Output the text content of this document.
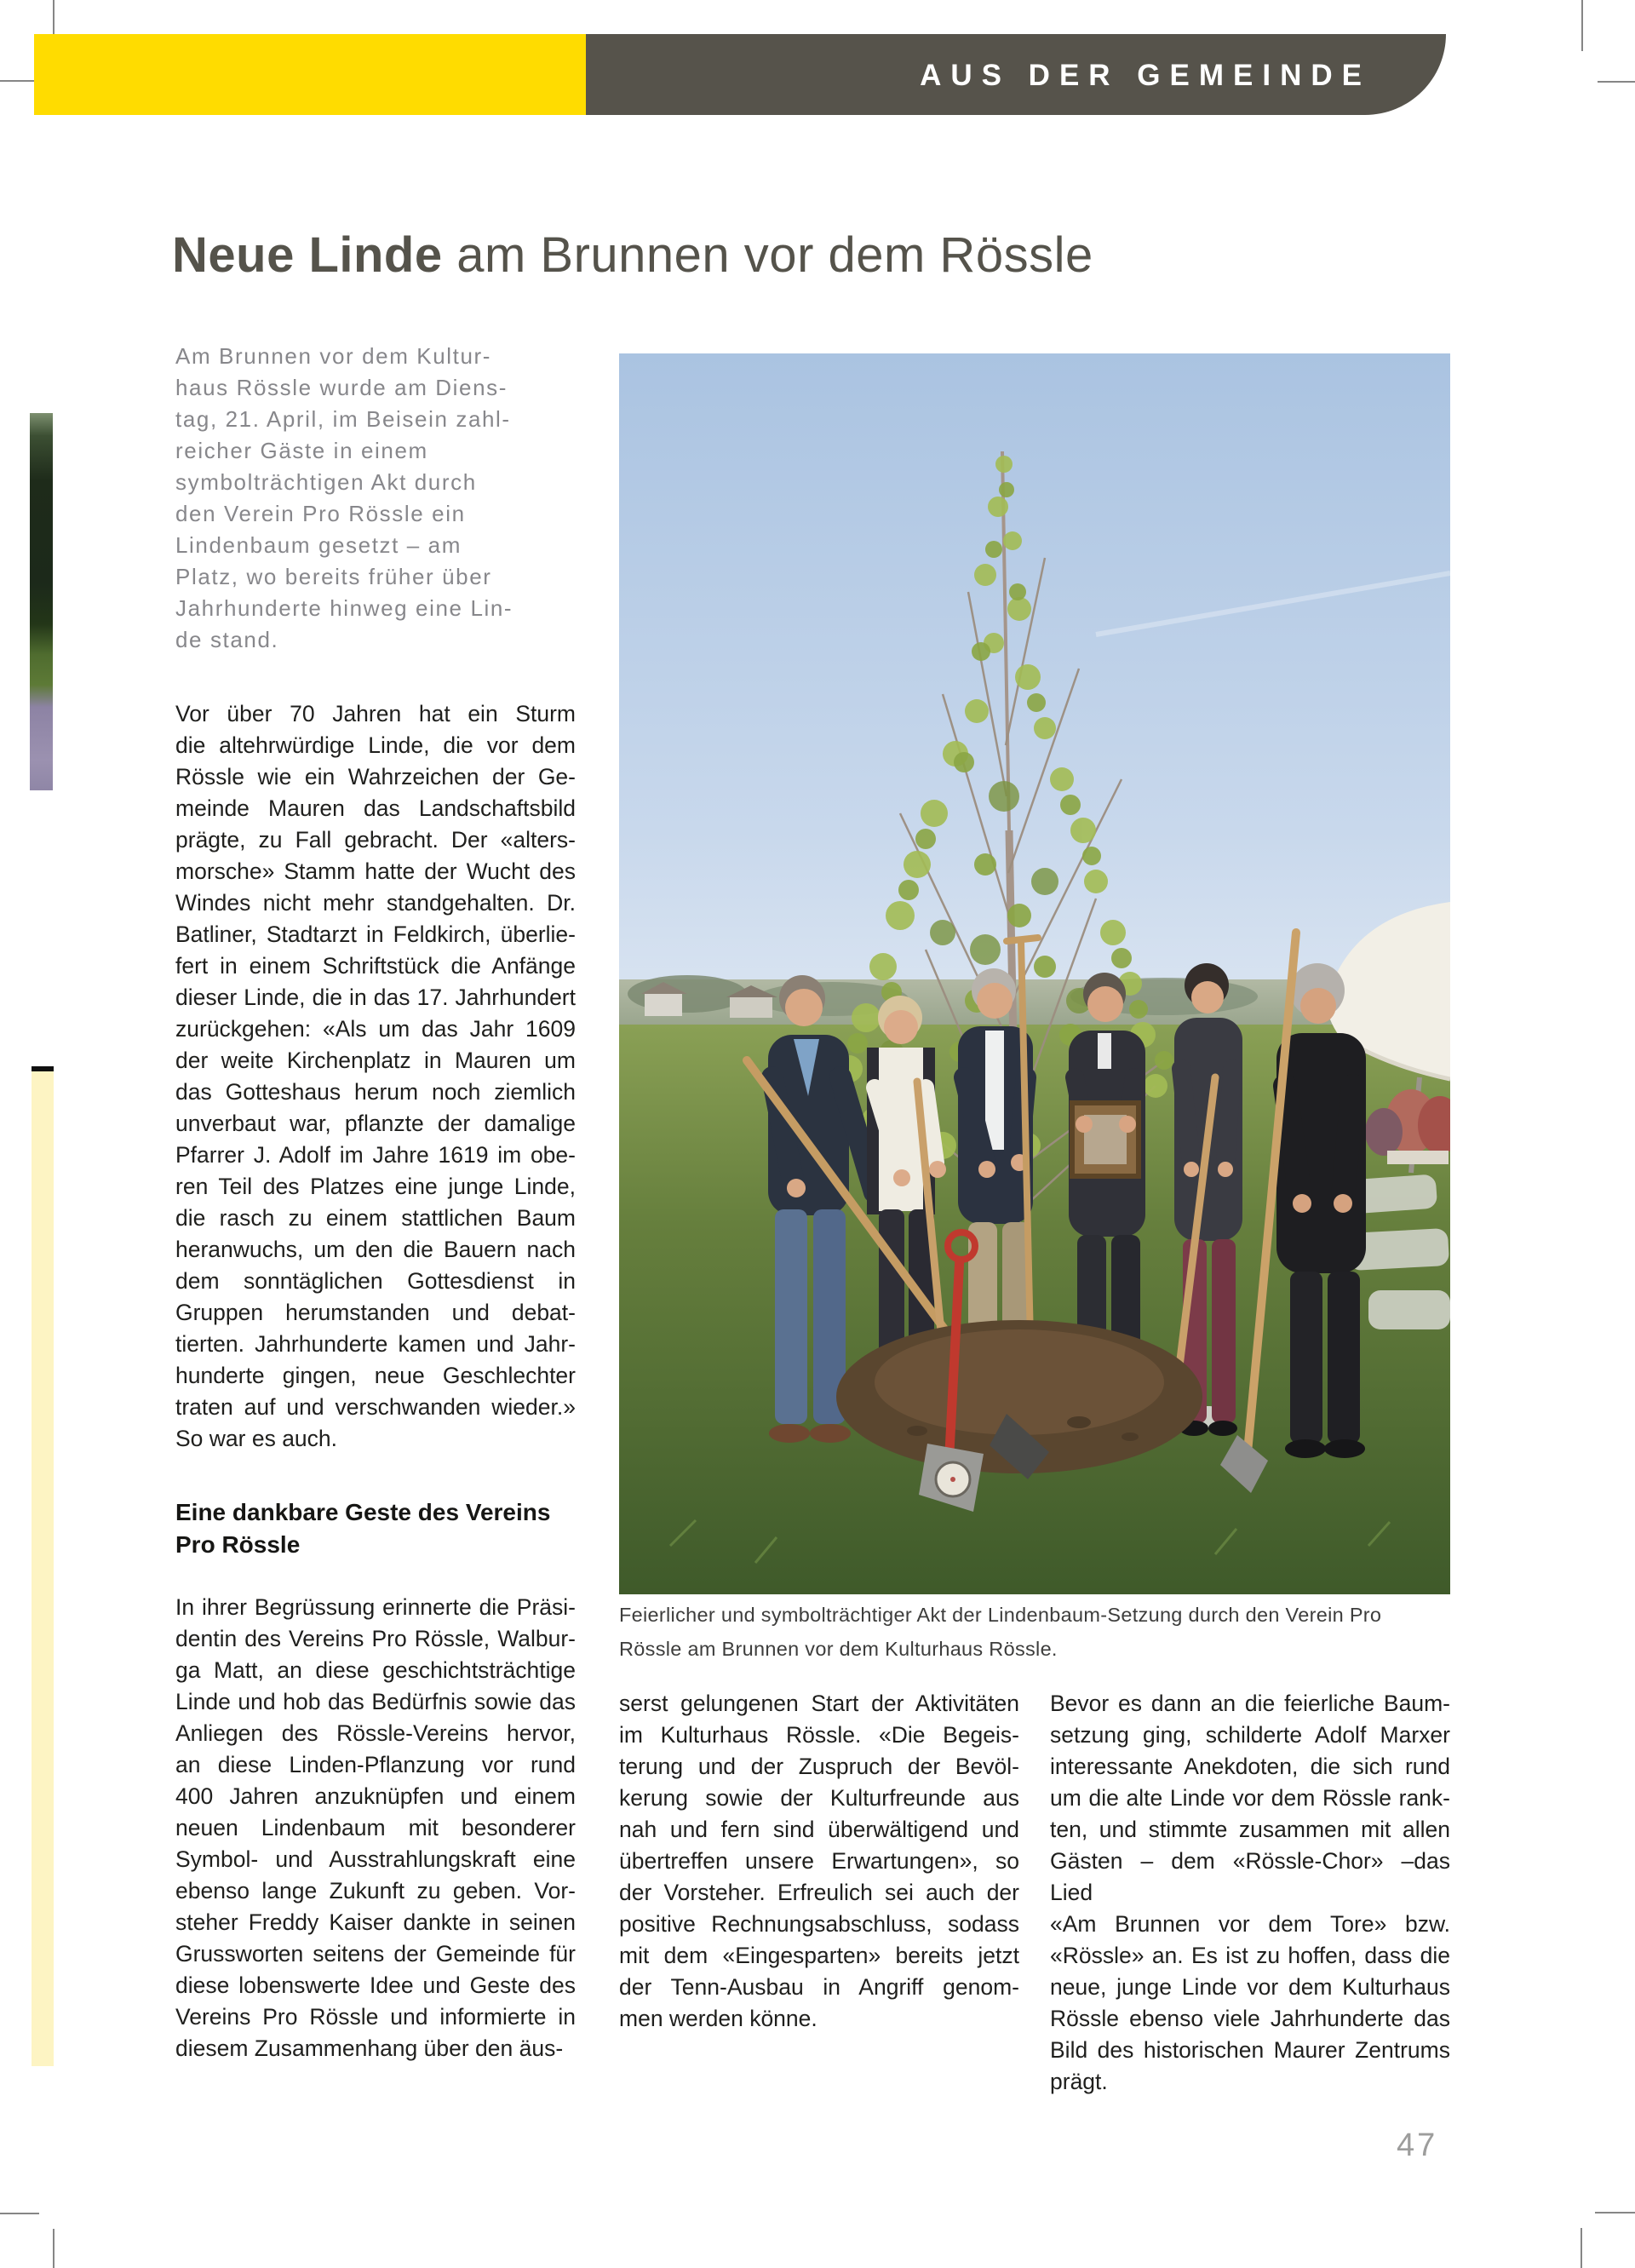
AUS DER GEMEINDE
Neue Linde am Brunnen vor dem Rössle
Am Brunnen vor dem Kultur-
haus Rössle wurde am Diens-
tag, 21. April, im Beisein zahl-
reicher Gäste in einem
symbolträchtigen Akt durch
den Verein Pro Rössle ein
Lindenbaum gesetzt – am
Platz, wo bereits früher über
Jahrhunderte hinweg eine Lin-
de stand.
Vor über 70 Jahren hat ein Sturm
die altehrwürdige Linde, die vor dem
Rössle wie ein Wahrzeichen der Ge-
meinde Mauren das Landschaftsbild
prägte, zu Fall gebracht. Der «alters-
morsche» Stamm hatte der Wucht des
Windes nicht mehr standgehalten. Dr.
Batliner, Stadtarzt in Feldkirch, überlie-
fert in einem Schriftstück die Anfänge
dieser Linde, die in das 17. Jahrhundert
zurückgehen: «Als um das Jahr 1609
der weite Kirchenplatz in Mauren um
das Gotteshaus herum noch ziemlich
unverbaut war, pflanzte der damalige
Pfarrer J. Adolf im Jahre 1619 im obe-
ren Teil des Platzes eine junge Linde,
die rasch zu einem stattlichen Baum
heranwuchs, um den die Bauern nach
dem sonntäglichen Gottesdienst in
Gruppen herumstanden und debat-
tierten. Jahrhunderte kamen und Jahr-
hunderte gingen, neue Geschlechter
traten auf und verschwanden wieder.»
So war es auch.
Eine dankbare Geste des Vereins
Pro Rössle
In ihrer Begrüssung erinnerte die Präsi-
dentin des Vereins Pro Rössle, Walbur-
ga Matt, an diese geschichtsträchtige
Linde und hob das Bedürfnis sowie das
Anliegen des Rössle-Vereins hervor,
an diese Linden-Pflanzung vor rund
400 Jahren anzuknüpfen und einem
neuen Lindenbaum mit besonderer
Symbol- und Ausstrahlungskraft eine
ebenso lange Zukunft zu geben. Vor-
steher Freddy Kaiser dankte in seinen
Grussworten seitens der Gemeinde für
diese lobenswerte Idee und Geste des
Vereins Pro Rössle und informierte in
diesem Zusammenhang über den äus-
Feierlicher und symbolträchtiger Akt der Lindenbaum-Setzung durch den Verein Pro
Rössle am Brunnen vor dem Kulturhaus Rössle.
serst gelungenen Start der Aktivitäten
im Kulturhaus Rössle. «Die Begeis-
terung und der Zuspruch der Bevöl-
kerung sowie der Kulturfreunde aus
nah und fern sind überwältigend und
übertreffen unsere Erwartungen», so
der Vorsteher. Erfreulich sei auch der
positive Rechnungsabschluss, sodass
mit dem «Eingesparten» bereits jetzt
der Tenn-Ausbau in Angriff genom-
men werden könne.
Bevor es dann an die feierliche Baum-
setzung ging, schilderte Adolf Marxer
interessante Anekdoten, die sich rund
um die alte Linde vor dem Rössle rank-
ten, und stimmte zusammen mit allen
Gästen – dem «Rössle-Chor» –das Lied
«Am Brunnen vor dem Tore» bzw.
«Rössle» an. Es ist zu hoffen, dass die
neue, junge Linde vor dem Kulturhaus
Rössle ebenso viele Jahrhunderte das
Bild des historischen Maurer Zentrums
prägt.
47
